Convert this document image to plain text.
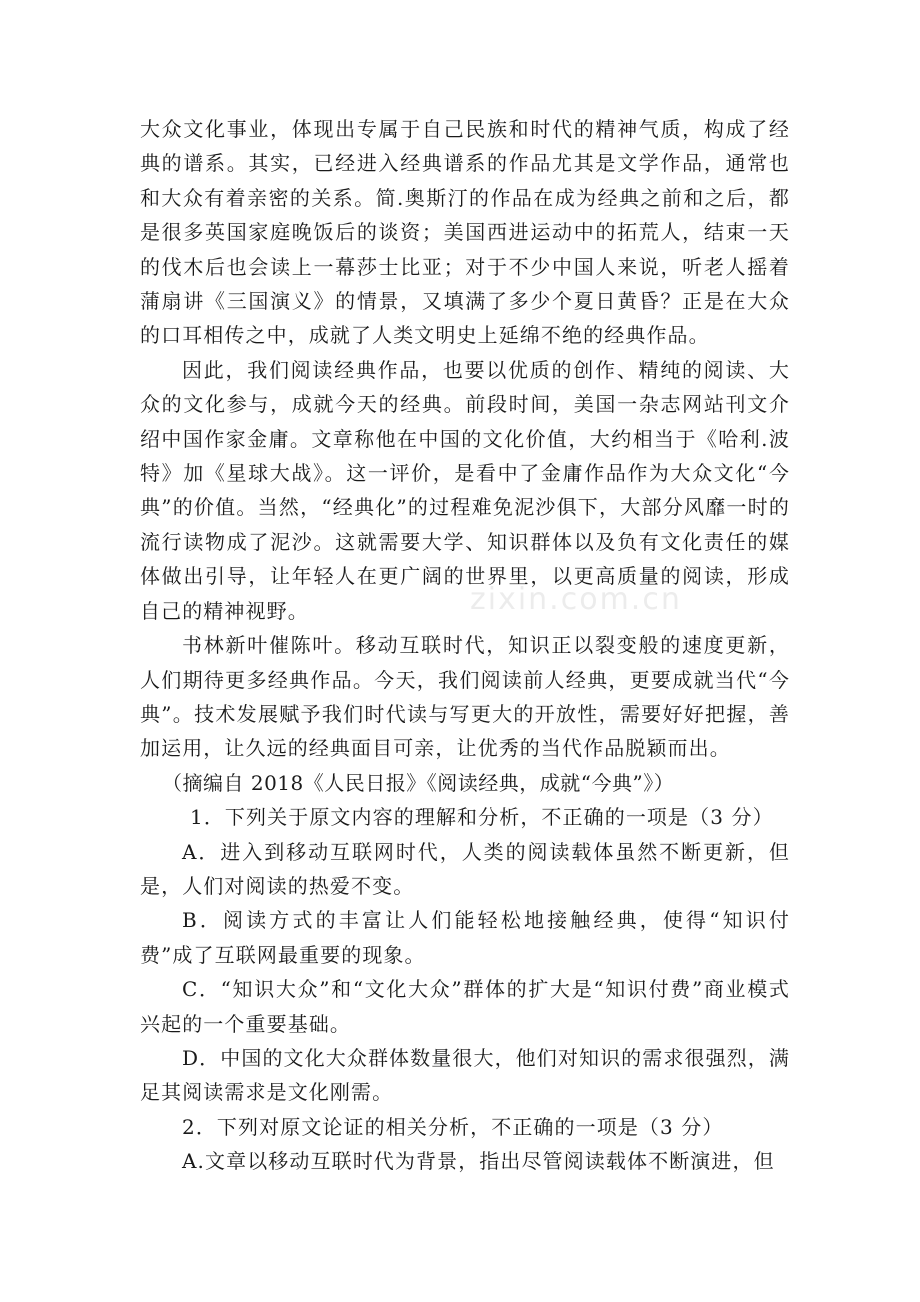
大众文化事业，体现出专属于自己民族和时代的精神气质，构成了经典的谱系。其实，已经进入经典谱系的作品尤其是文学作品，通常也和大众有着亲密的关系。简.奥斯汀的作品在成为经典之前和之后，都是很多英国家庭晚饭后的谈资；美国西进运动中的拓荒人，结束一天的伐木后也会读上一幕莎士比亚；对于不少中国人来说，听老人摇着蒲扇讲《三国演义》的情景，又填满了多少个夏日黄昏？正是在大众的口耳相传之中，成就了人类文明史上延绵不绝的经典作品。

因此，我们阅读经典作品，也要以优质的创作、精纯的阅读、大众的文化参与，成就今天的经典。前段时间，美国一杂志网站刊文介绍中国作家金庸。文章称他在中国的文化价值，大约相当于《哈利.波特》加《星球大战》。这一评价，是看中了金庸作品作为大众文化“今典”的价值。当然，“经典化”的过程难免泥沙俱下，大部分风靡一时的流行读物成了泥沙。这就需要大学、知识群体以及负有文化责任的媒体做出引导，让年轻人在更广阔的世界里，以更高质量的阅读，形成自己的精神视野。

书林新叶催陈叶。移动互联时代，知识正以裂变般的速度更新，人们期待更多经典作品。今天，我们阅读前人经典，更要成就当代“今典”。技术发展赋予我们时代读与写更大的开放性，需要好好把握，善加运用，让久远的经典面目可亲，让优秀的当代作品脱颖而出。

（摘编自 2018《人民日报》《阅读经典，成就“今典”》）

1．下列关于原文内容的理解和分析，不正确的一项是（3 分）

A．进入到移动互联网时代，人类的阅读载体虽然不断更新，但是，人们对阅读的热爱不变。

B．阅读方式的丰富让人们能轻松地接触经典，使得“知识付费”成了互联网最重要的现象。

C．“知识大众”和“文化大众”群体的扩大是“知识付费”商业模式兴起的一个重要基础。

D．中国的文化大众群体数量很大，他们对知识的需求很强烈，满足其阅读需求是文化刚需。

2．下列对原文论证的相关分析，不正确的一项是（3 分）

A.文章以移动互联时代为背景，指出尽管阅读载体不断演进，但

zixin.com.cn
